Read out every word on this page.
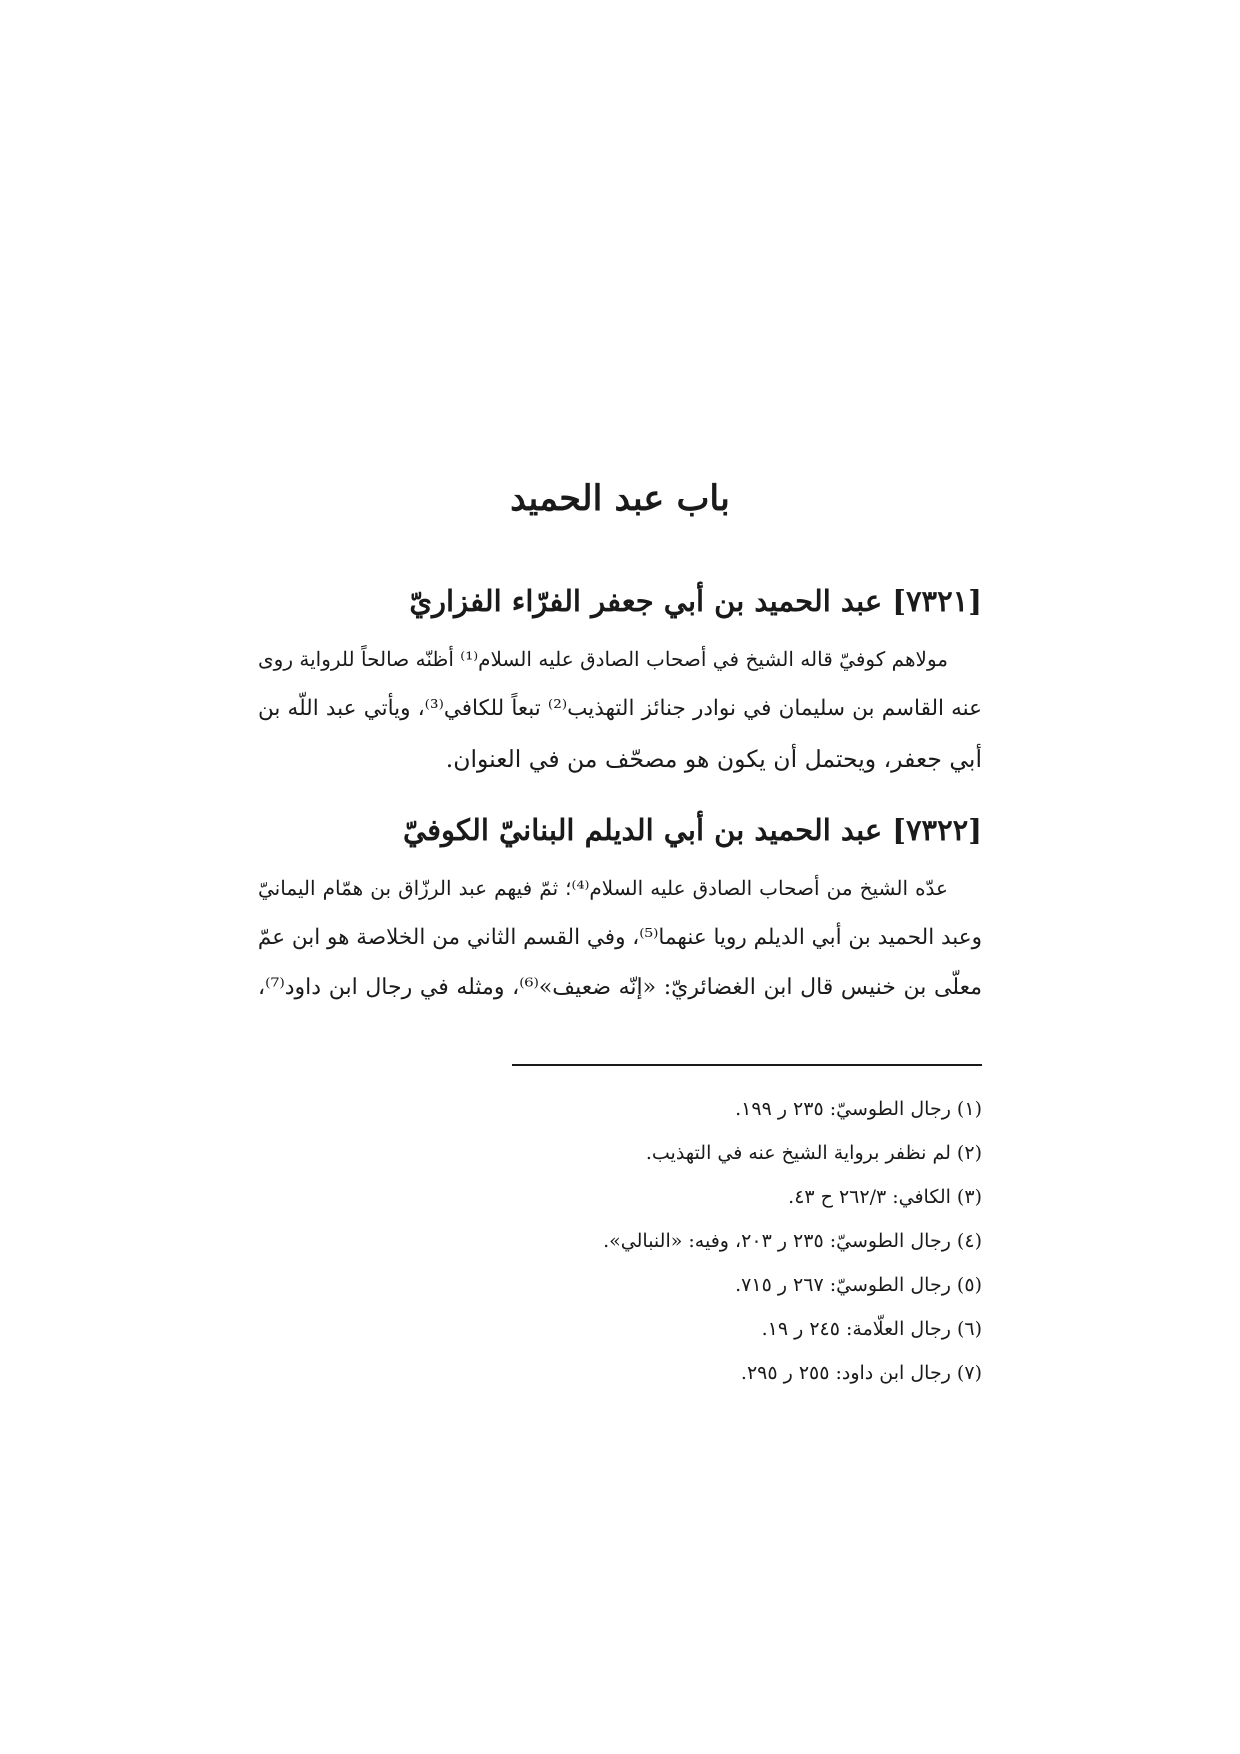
باب عبد الحميد
[٧٣٢١] عبد الحميد بن أبي جعفر الفرّاء الفزاريّ
مولاهم كوفيّ قاله الشيخ في أصحاب الصادق عليه السلام⁽¹⁾ أظنّه صالحاً للرواية روى
عنه القاسم بن سليمان في نوادر جنائز التهذيب⁽²⁾ تبعاً للكافي⁽³⁾، ويأتي عبد اللّه بن
أبي جعفر، ويحتمل أن يكون هو مصحّف من في العنوان.
[٧٣٢٢] عبد الحميد بن أبي الديلم البنانيّ الكوفيّ
عدّه الشيخ من أصحاب الصادق عليه السلام⁽⁴⁾؛ ثمّ فيهم عبد الرزّاق بن همّام اليمانيّ
وعبد الحميد بن أبي الديلم رويا عنهما⁽⁵⁾، وفي القسم الثاني من الخلاصة هو ابن عمّ
معلّى بن خنيس قال ابن الغضائريّ: «إنّه ضعيف»⁽⁶⁾، ومثله في رجال ابن داود⁽⁷⁾،
(١) رجال الطوسيّ: ٢٣٥ ر ١٩٩.
(٢) لم نظفر برواية الشيخ عنه في التهذيب.
(٣) الكافي: ٢٦٢/٣ ح ٤٣.
(٤) رجال الطوسيّ: ٢٣٥ ر ٢٠٣، وفيه: «النبالي».
(٥) رجال الطوسيّ: ٢٦٧ ر ٧١٥.
(٦) رجال العلّامة: ٢٤٥ ر ١٩.
(٧) رجال ابن داود: ٢٥٥ ر ٢٩٥.
